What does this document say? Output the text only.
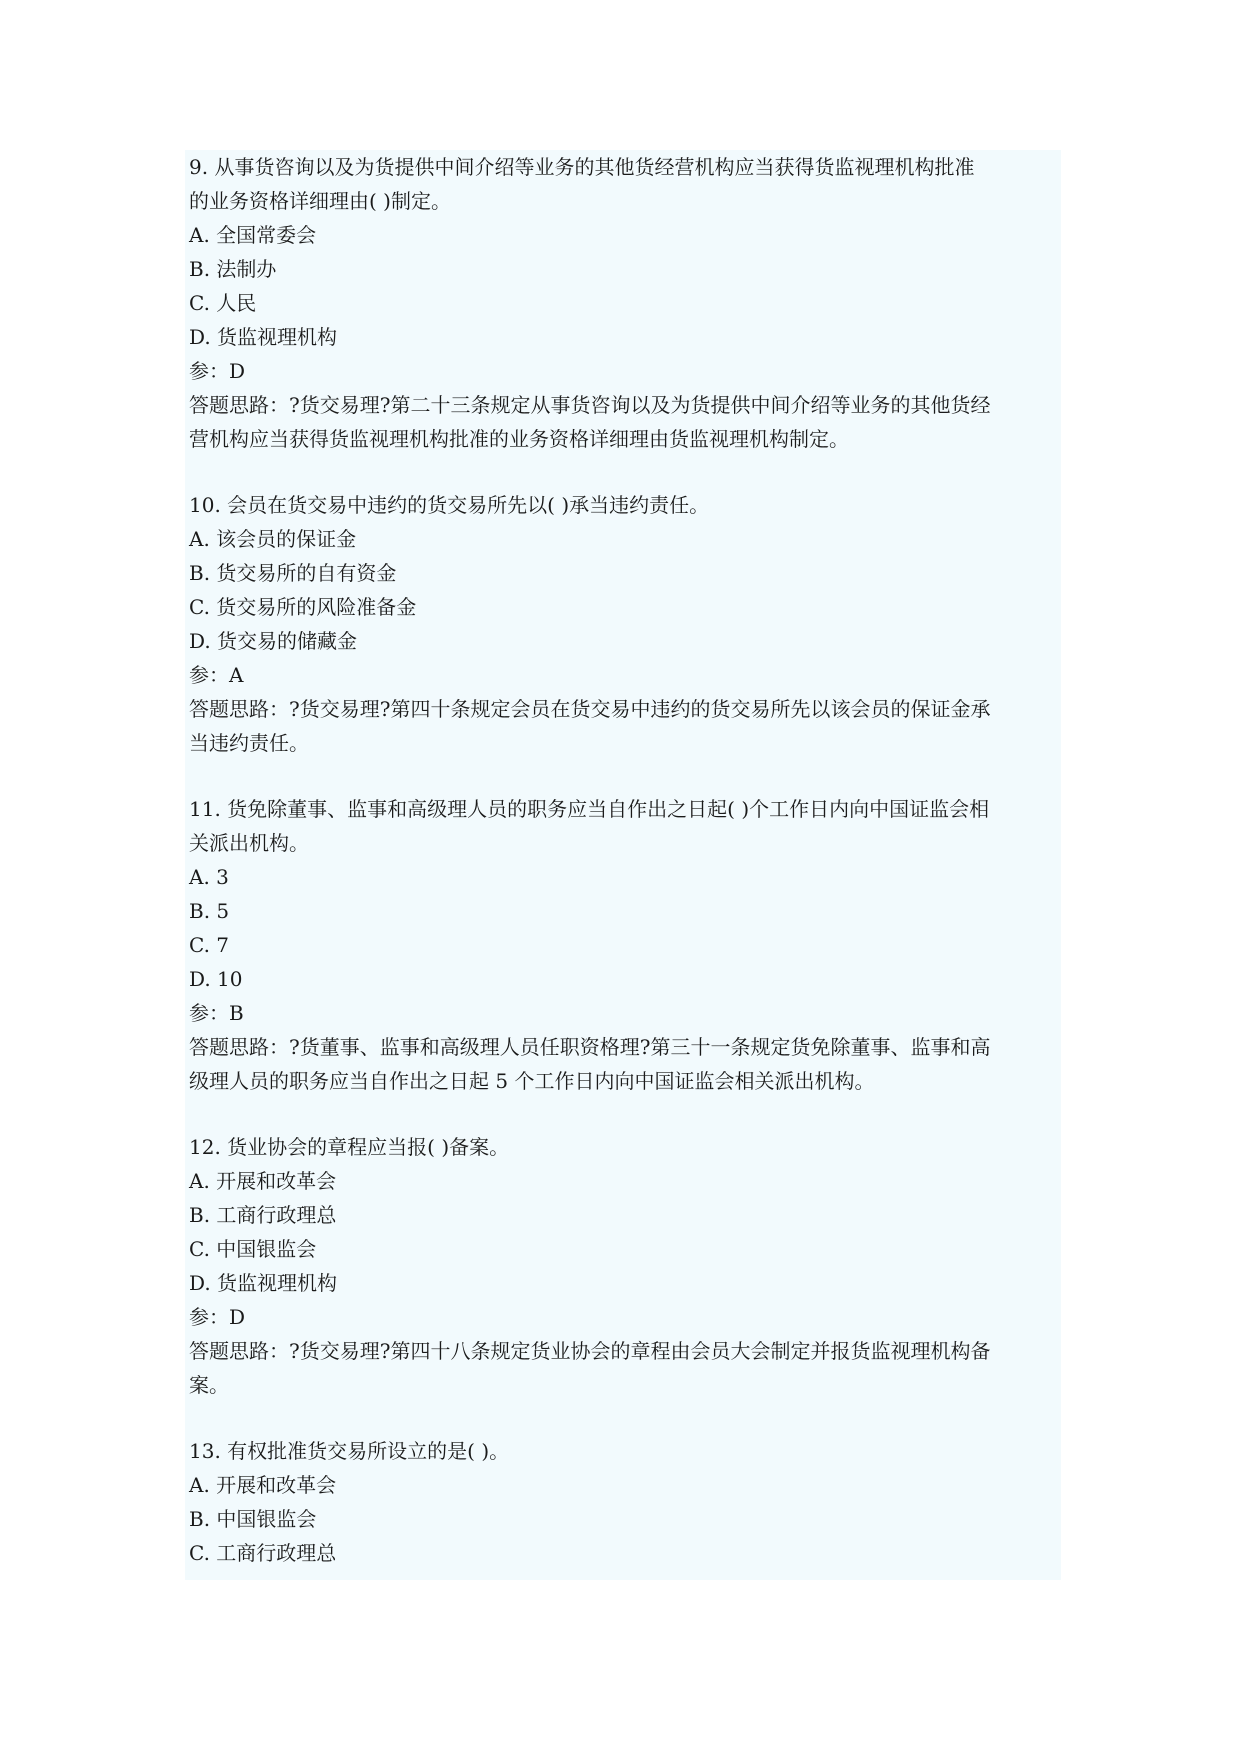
9. 从事货咨询以及为货提供中间介绍等业务的其他货经营机构应当获得货监视理机构批准
的业务资格详细理由( )制定。
A. 全国常委会
B. 法制办
C. 人民
D. 货监视理机构
参：D
答题思路：?货交易理?第二十三条规定从事货咨询以及为货提供中间介绍等业务的其他货经
营机构应当获得货监视理机构批准的业务资格详细理由货监视理机构制定。
10. 会员在货交易中违约的货交易所先以( )承当违约责任。
A. 该会员的保证金
B. 货交易所的自有资金
C. 货交易所的风险准备金
D. 货交易的储藏金
参：A
答题思路：?货交易理?第四十条规定会员在货交易中违约的货交易所先以该会员的保证金承
当违约责任。
11. 货免除董事、监事和高级理人员的职务应当自作出之日起( )个工作日内向中国证监会相
关派出机构。
A. 3
B. 5
C. 7
D. 10
参：B
答题思路：?货董事、监事和高级理人员任职资格理?第三十一条规定货免除董事、监事和高
级理人员的职务应当自作出之日起 5 个工作日内向中国证监会相关派出机构。
12. 货业协会的章程应当报( )备案。
A. 开展和改革会
B. 工商行政理总
C. 中国银监会
D. 货监视理机构
参：D
答题思路：?货交易理?第四十八条规定货业协会的章程由会员大会制定并报货监视理机构备
案。
13. 有权批准货交易所设立的是( )。
A. 开展和改革会
B. 中国银监会
C. 工商行政理总
